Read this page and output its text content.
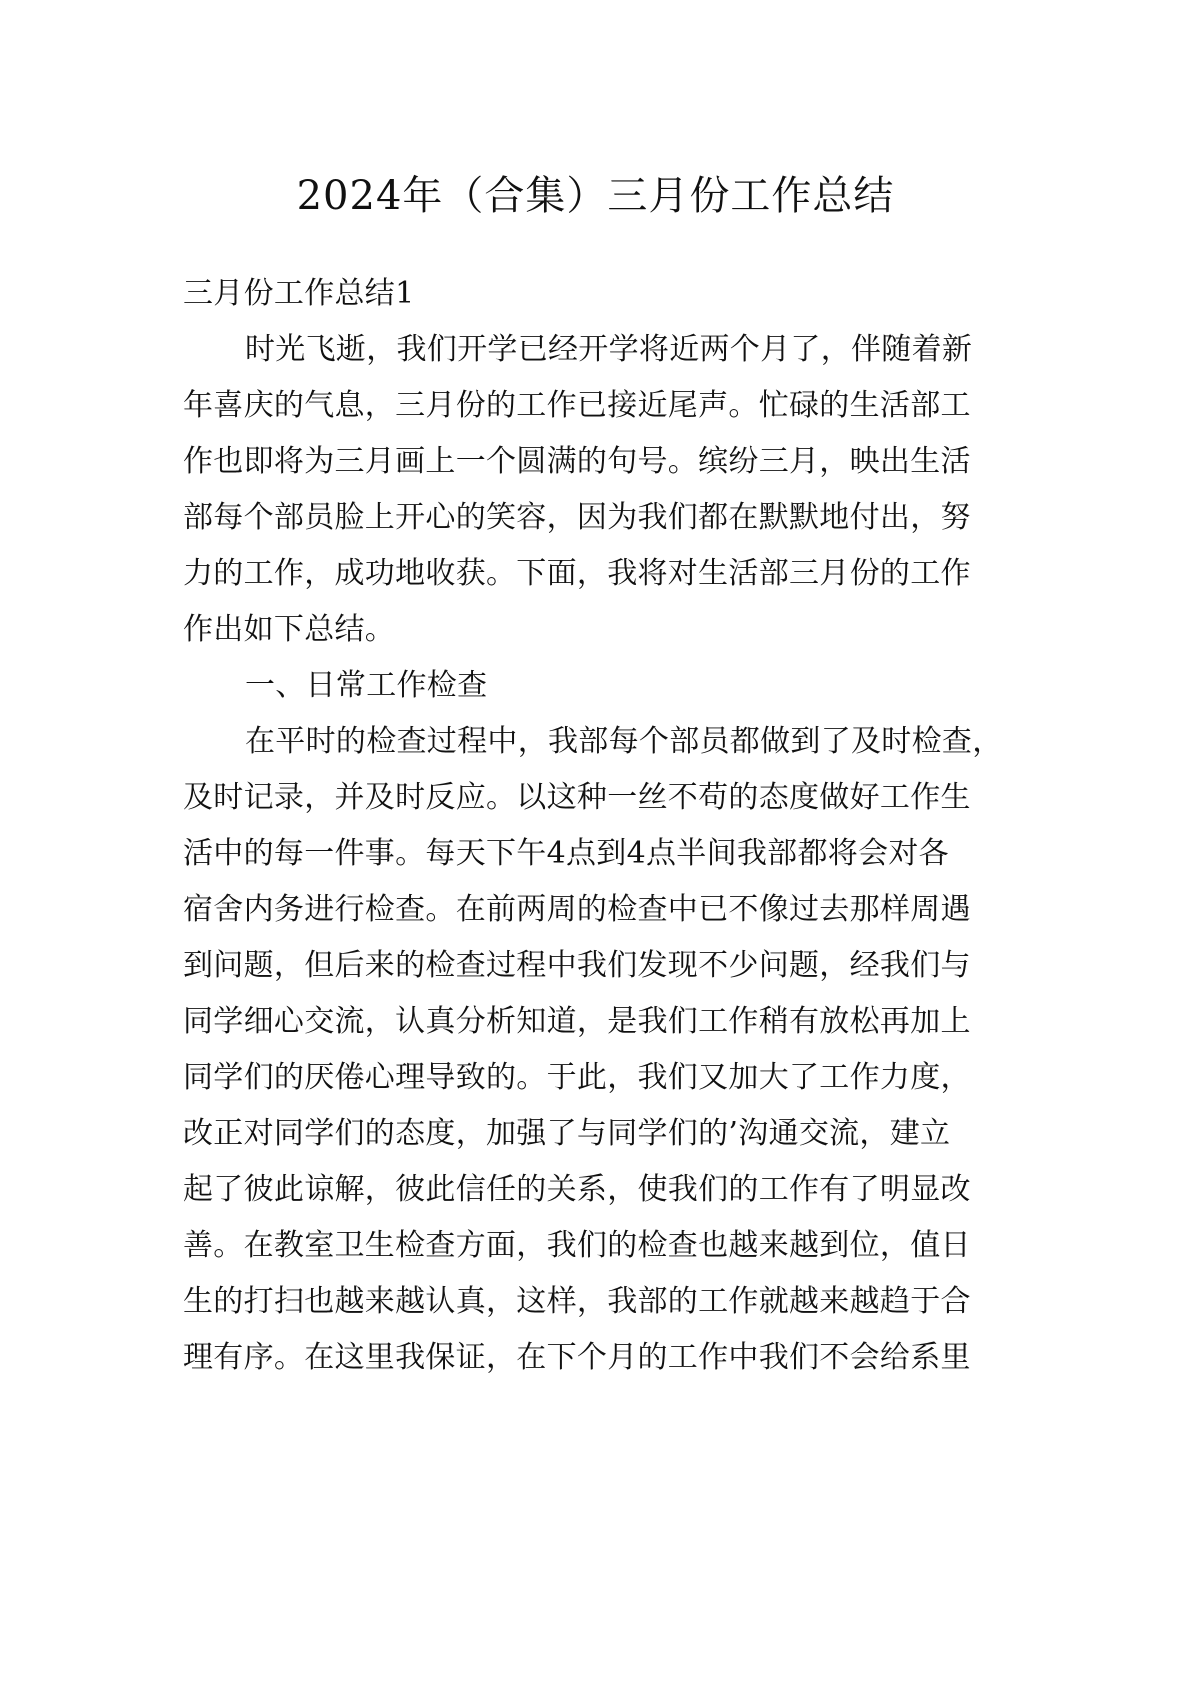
2024年（合集）三月份工作总结
三月份工作总结1
时光飞逝，我们开学已经开学将近两个月了，伴随着新
年喜庆的气息，三月份的工作已接近尾声。忙碌的生活部工
作也即将为三月画上一个圆满的句号。缤纷三月，映出生活
部每个部员脸上开心的笑容，因为我们都在默默地付出，努
力的工作，成功地收获。下面，我将对生活部三月份的工作
作出如下总结。
一、日常工作检查
在平时的检查过程中，我部每个部员都做到了及时检查，
及时记录，并及时反应。以这种一丝不苟的态度做好工作生
活中的每一件事。每天下午4点到4点半间我部都将会对各
宿舍内务进行检查。在前两周的检查中已不像过去那样周遇
到问题，但后来的检查过程中我们发现不少问题，经我们与
同学细心交流，认真分析知道，是我们工作稍有放松再加上
同学们的厌倦心理导致的。于此，我们又加大了工作力度，
改正对同学们的态度，加强了与同学们的’沟通交流，建立
起了彼此谅解，彼此信任的关系，使我们的工作有了明显改
善。在教室卫生检查方面，我们的检查也越来越到位，值日
生的打扫也越来越认真，这样，我部的工作就越来越趋于合
理有序。在这里我保证，在下个月的工作中我们不会给系里
